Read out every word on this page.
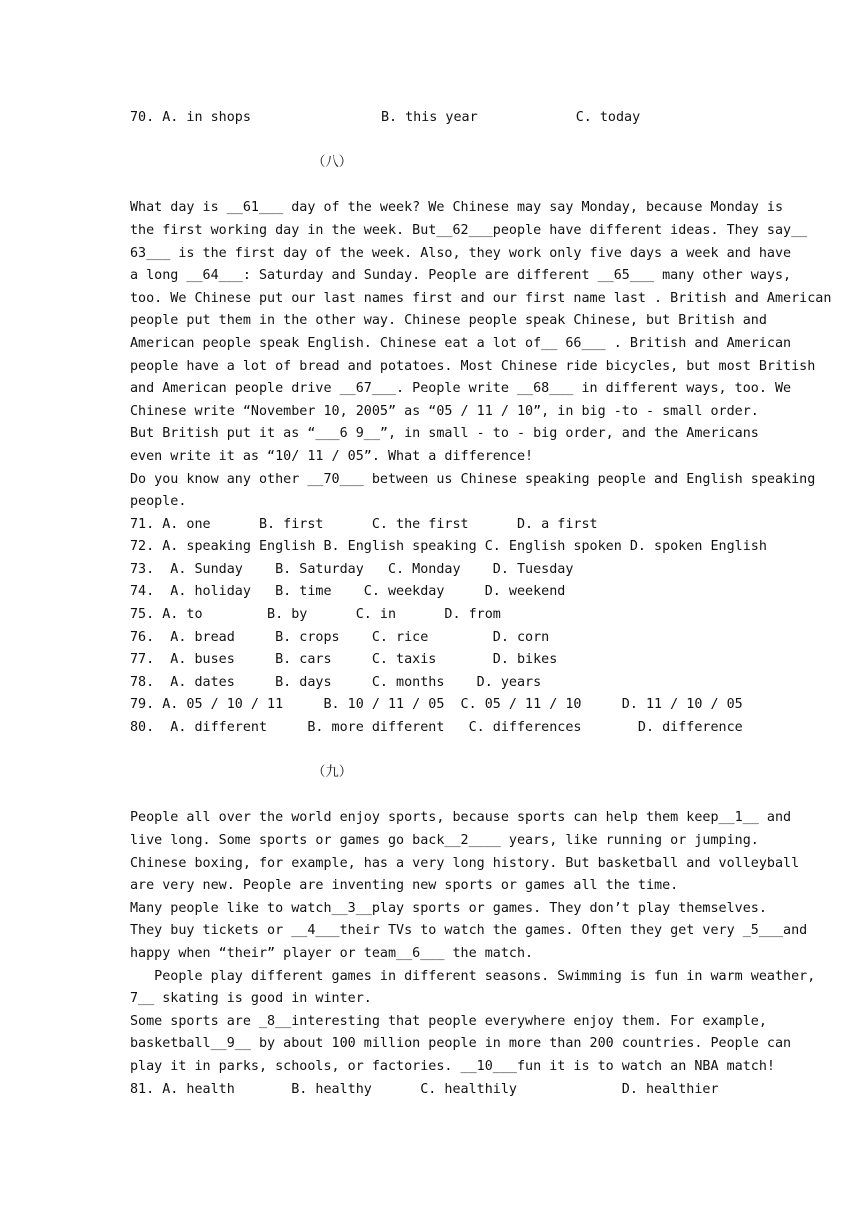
70. A. in shops	B. this year	C. today
（八）
What day is __61___ day of the week? We Chinese may say Monday, because Monday is
the first working day in the week. But__62___people have different ideas. They say__
63___ is the first day of the week. Also, they work only five days a week and have
a long __64___: Saturday and Sunday. People are different __65___ many other ways,
too. We Chinese put our last names first and our first name last . British and American
people put them in the other way. Chinese people speak Chinese, but British and
American people speak English. Chinese eat a lot of__ 66___ . British and American
people have a lot of bread and potatoes. Most Chinese ride bicycles, but most British
and American people drive __67___. People write __68___ in different ways, too. We
Chinese write “November 10, 2005” as “05 / 11 / 10”, in big -to - small order.
But British put it as “___6 9__”, in small - to - big order, and the Americans
even write it as “10/ 11 / 05”. What a difference!
Do you know any other __70___ between us Chinese speaking people and English speaking
people.
71. A. one      B. first      C. the first      D. a first
72. A. speaking English B. English speaking C. English spoken D. spoken English
73.  A. Sunday    B. Saturday   C. Monday    D. Tuesday
74.  A. holiday   B. time    C. weekday     D. weekend
75. A. to        B. by      C. in      D. from
76.  A. bread     B. crops    C. rice        D. corn
77.  A. buses     B. cars     C. taxis       D. bikes
78.  A. dates     B. days     C. months    D. years
79. A. 05 / 10 / 11     B. 10 / 11 / 05  C. 05 / 11 / 10     D. 11 / 10 / 05
80.  A. different     B. more different   C. differences       D. difference
（九）
People all over the world enjoy sports, because sports can help them keep__1__ and
live long. Some sports or games go back__2____ years, like running or jumping.
Chinese boxing, for example, has a very long history. But basketball and volleyball
are very new. People are inventing new sports or games all the time.
Many people like to watch__3__play sports or games. They don’t play themselves.
They buy tickets or __4___their TVs to watch the games. Often they get very _5___and
happy when “their” player or team__6___ the match.
People play different games in different seasons. Swimming is fun in warm weather,
7__ skating is good in winter.
Some sports are _8__interesting that people everywhere enjoy them. For example,
basketball__9__ by about 100 million people in more than 200 countries. People can
play it in parks, schools, or factories. __10___fun it is to watch an NBA match!
81. A. health       B. healthy      C. healthily             D. healthier
